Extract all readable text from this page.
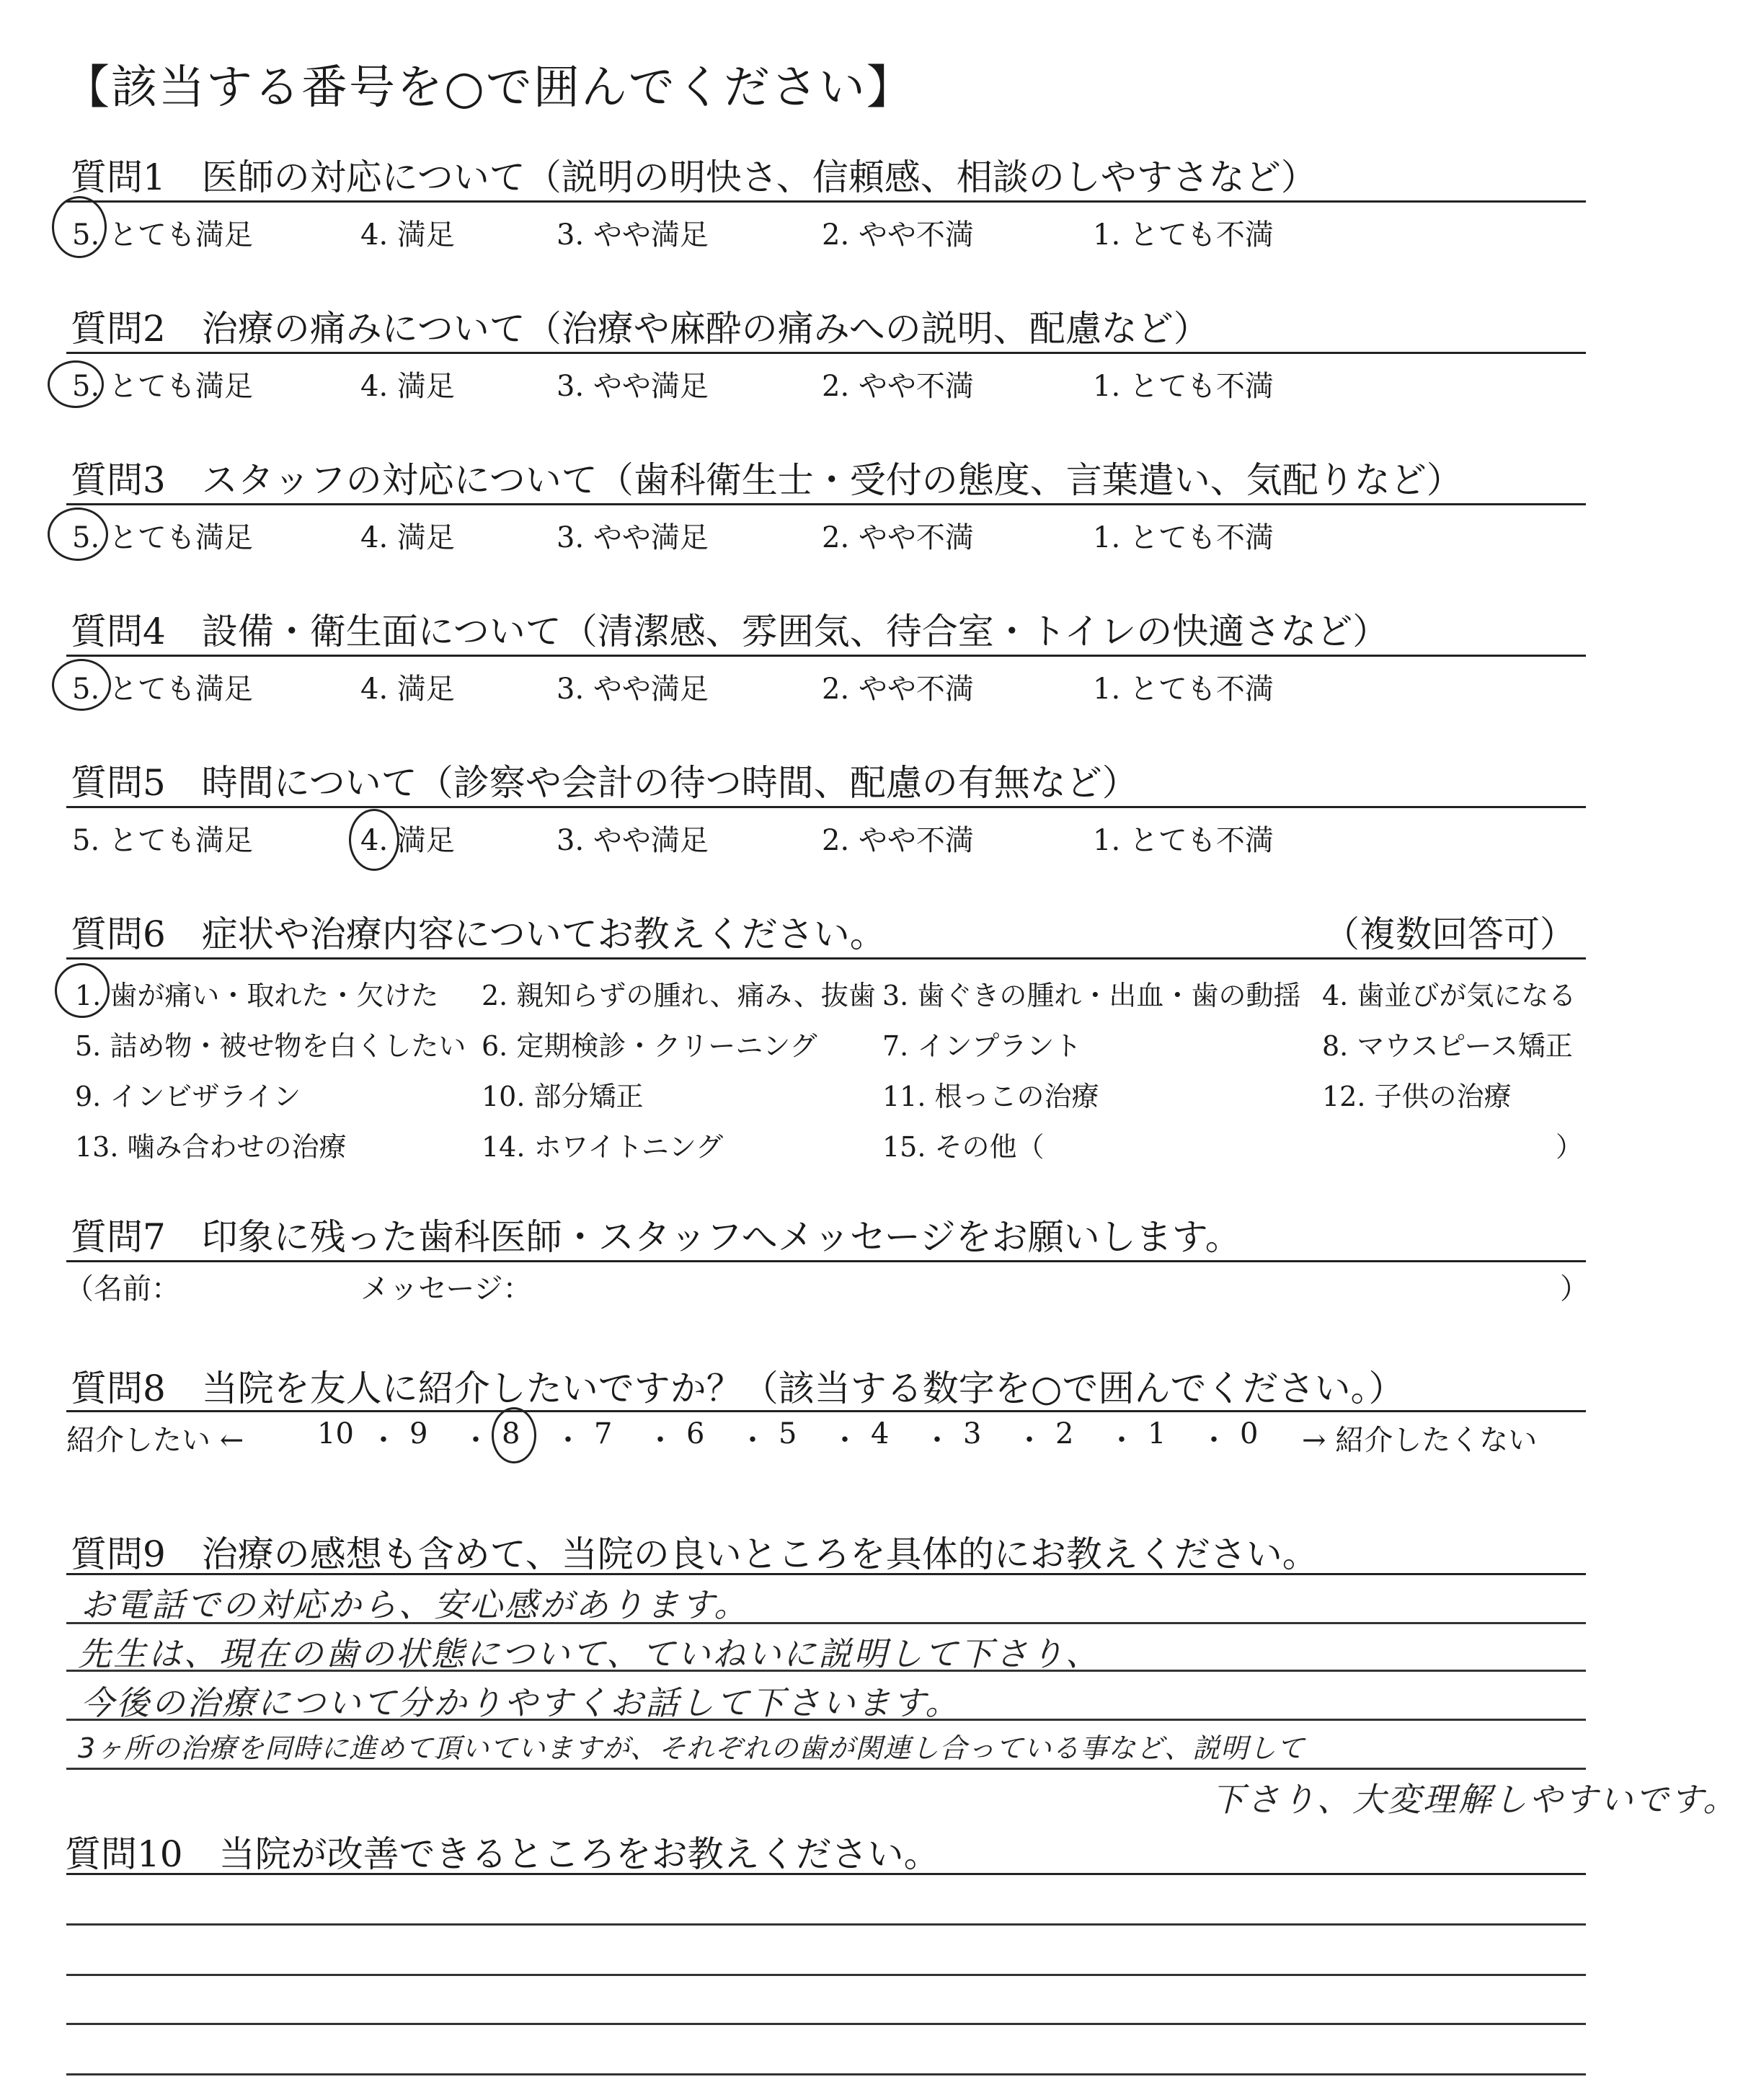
【該当する番号を○で囲んでください】
質問1　医師の対応について（説明の明快さ、信頼感、相談のしやすさなど）
5. とても満足	4. 満足	3. やや満足	2. やや不満	1. とても不満
質問2　治療の痛みについて（治療や麻酔の痛みへの説明、配慮など）
5. とても満足	4. 満足	3. やや満足	2. やや不満	1. とても不満
質問3　スタッフの対応について（歯科衛生士・受付の態度、言葉遣い、気配りなど）
5. とても満足	4. 満足	3. やや満足	2. やや不満	1. とても不満
質問4　設備・衛生面について（清潔感、雰囲気、待合室・トイレの快適さなど）
5. とても満足	4. 満足	3. やや満足	2. やや不満	1. とても不満
質問5　時間について（診察や会計の待つ時間、配慮の有無など）
5. とても満足	4. 満足	3. やや満足	2. やや不満	1. とても不満
質問6　症状や治療内容についてお教えください。	（複数回答可）
1. 歯が痛い・取れた・欠けた 2. 親知らずの腫れ、痛み、抜歯 3. 歯ぐきの腫れ・出血・歯の動揺 4. 歯並びが気になる
5. 詰め物・被せ物を白くしたい 6. 定期検診・クリーニング 7. インプラント	8. マウスピース矯正
9. インビザライン	10. 部分矯正	11. 根っこの治療	12. 子供の治療
13. 噛み合わせの治療	14. ホワイトニング	15. その他（	）
質問7　印象に残った歯科医師・スタッフへメッセージをお願いします。
（名前：	メッセージ：	）
質問8　当院を友人に紹介したいですか？（該当する数字を○で囲んでください。）
紹介したい ←	→ 紹介したくない
10 ・ 9 ・ 8 ・ 7 ・ 6 ・ 5 ・ 4 ・ 3 ・ 2 ・ 1 ・ 0
質問9　治療の感想も含めて、当院の良いところを具体的にお教えください。
お電話での対応から、安心感があります。
先生は、現在の歯の状態について、ていねいに説明して下さり、
今後の治療について分かりやすくお話して下さいます。
3ヶ所の治療を同時に進めて頂いていますが、それぞれの歯が関連し合っている事など、説明して
下さり、大変理解しやすいです。
質問10　当院が改善できるところをお教えください。
